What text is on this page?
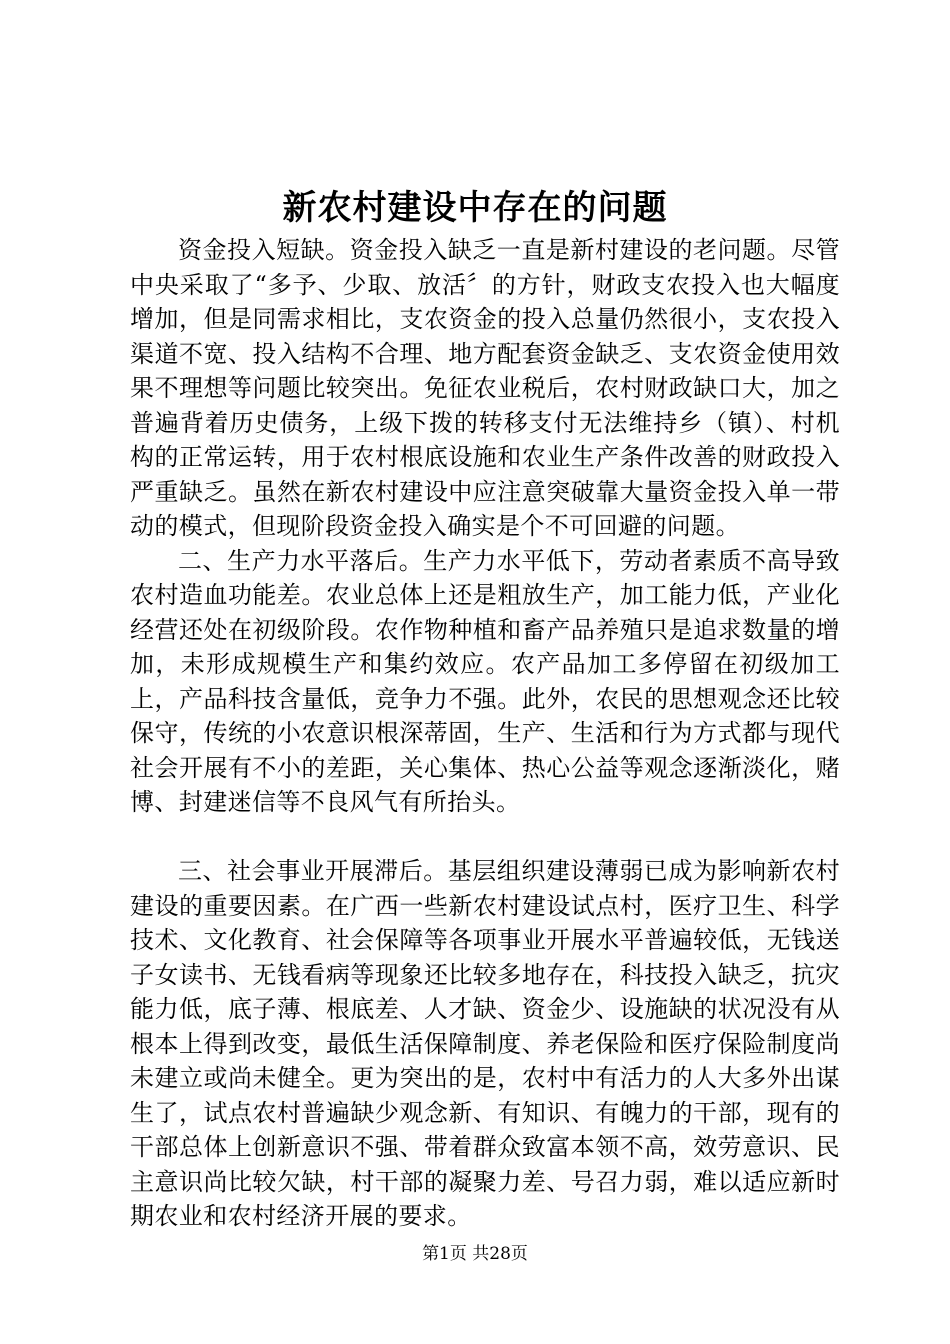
新农村建设中存在的问题

资金投入短缺。资金投入缺乏一直是新村建设的老问题。尽管中央采取了“多予、少取、放活〞的方针，财政支农投入也大幅度增加，但是同需求相比，支农资金的投入总量仍然很小，支农投入渠道不宽、投入结构不合理、地方配套资金缺乏、支农资金使用效果不理想等问题比较突出。免征农业税后，农村财政缺口大，加之普遍背着历史债务，上级下拨的转移支付无法维持乡（镇）、村机构的正常运转，用于农村根底设施和农业生产条件改善的财政投入严重缺乏。虽然在新农村建设中应注意突破靠大量资金投入单一带动的模式，但现阶段资金投入确实是个不可回避的问题。

二、生产力水平落后。生产力水平低下，劳动者素质不高导致农村造血功能差。农业总体上还是粗放生产，加工能力低，产业化经营还处在初级阶段。农作物种植和畜产品养殖只是追求数量的增加，未形成规模生产和集约效应。农产品加工多停留在初级加工上，产品科技含量低，竞争力不强。此外，农民的思想观念还比较保守，传统的小农意识根深蒂固，生产、生活和行为方式都与现代社会开展有不小的差距，关心集体、热心公益等观念逐渐淡化，赌博、封建迷信等不良风气有所抬头。

三、社会事业开展滞后。基层组织建设薄弱已成为影响新农村建设的重要因素。在广西一些新农村建设试点村，医疗卫生、科学技术、文化教育、社会保障等各项事业开展水平普遍较低，无钱送子女读书、无钱看病等现象还比较多地存在，科技投入缺乏，抗灾能力低，底子薄、根底差、人才缺、资金少、设施缺的状况没有从根本上得到改变，最低生活保障制度、养老保险和医疗保险制度尚未建立或尚未健全。更为突出的是，农村中有活力的人大多外出谋生了，试点农村普遍缺少观念新、有知识、有魄力的干部，现有的干部总体上创新意识不强、带着群众致富本领不高，效劳意识、民主意识尚比较欠缺，村干部的凝聚力差、号召力弱，难以适应新时期农业和农村经济开展的要求。

第1页 共28页
